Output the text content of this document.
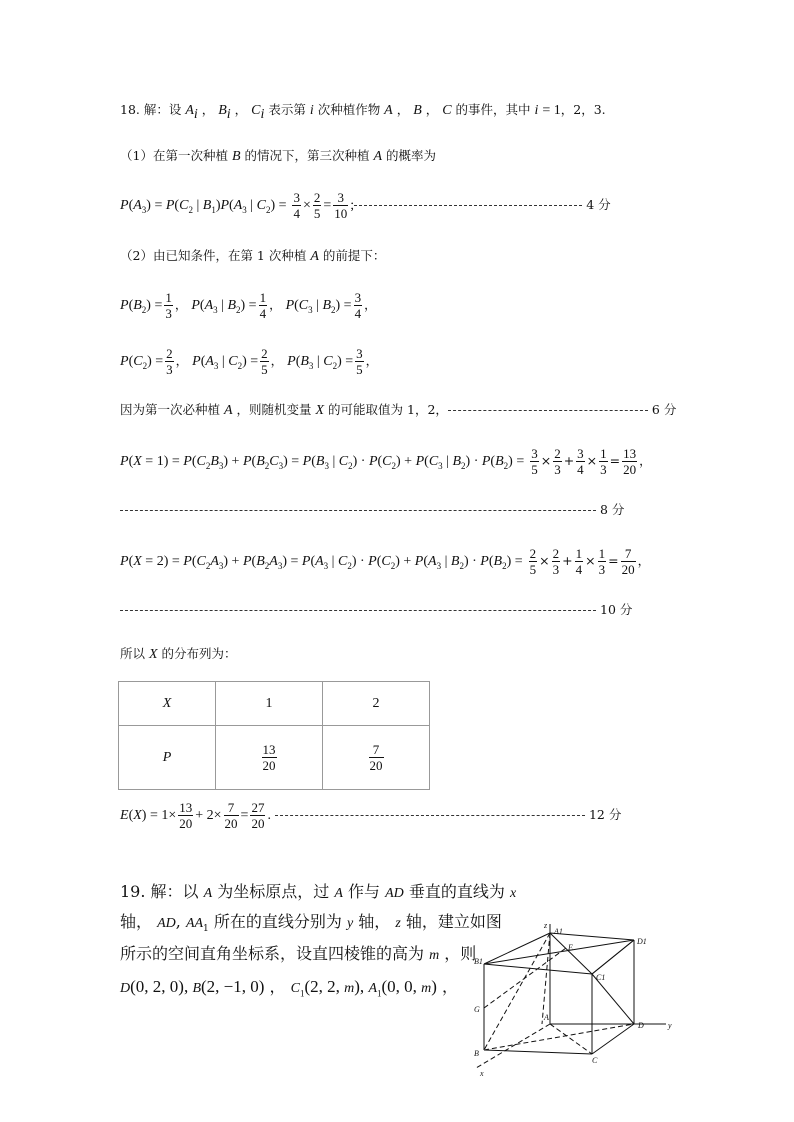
18. 解：设 $A_i$ ， $B_i$ ， $C_i$ 表示第 i 次种植作物 A ， B ， C 的事件，其中 i = 1，2，3.
（1）在第一次种植 B 的情况下，第三次种植 A 的概率为
$P(A_3) = P(C_2$ | $B_1)P(A_3$ | $C_2) = \frac{3}{4} \times \frac{2}{5} = \frac{3}{10}$ ;	4 分
（2）由已知条件，在第 1 次种植 A 的前提下：
$P(B_2) = \frac{1}{3}$ ， $P(A_3$ | $B_2) = \frac{1}{4}$ ， $P(C_3$ | $B_2) = \frac{3}{4}$ ，
$P(C_2) = \frac{2}{3}$ ， $P(A_3$ | $C_2) = \frac{2}{5}$ ， $P(B_3$ | $C_2) = \frac{3}{5}$ ，
因为第一次必种植 A ，则随机变量 X 的可能取值为 1，2，	6 分
$P(X = 1) = P(C_2B_3) + P(B_2C_3) = P(B_3$ | $C_2) \cdot P(C_2) + P(C_3$ | $B_2) \cdot P(B_2) = \frac{3}{5} \times \frac{2}{3} + \frac{3}{4} \times \frac{1}{3} = \frac{13}{20}$ ，
8 分
$P(X = 2) = P(C_2A_3) + P(B_2A_3) = P(A_3$ | $C_2) \cdot P(C_2) + P(A_3$ | $B_2) \cdot P(B_2) = \frac{2}{5} \times \frac{2}{3} + \frac{1}{4} \times \frac{1}{3} = \frac{7}{20}$ ，
10 分
所以 X 的分布列为：
X	1	2
P	$\frac{13}{20}$	$\frac{7}{20}$
$E(X) = 1\times \frac{13}{20} + 2\times \frac{7}{20} = \frac{27}{20}$ .	12 分
19. 解：以 A 为坐标原点，过 A 作与 AD 垂直的直线为 x
轴， AD, $AA_1$ 所在的直线分别为 y 轴， z 轴，建立如图
所示的空间直角坐标系，设直四棱锥的高为 m ，则
D(0, 2, 0), B(2, −1, 0) ， $C_1(2$, 2, m), $A_1(0$, 0, m) ，
z
A1
D1
B1
E
C1
G
A
D	y
B
C
x
